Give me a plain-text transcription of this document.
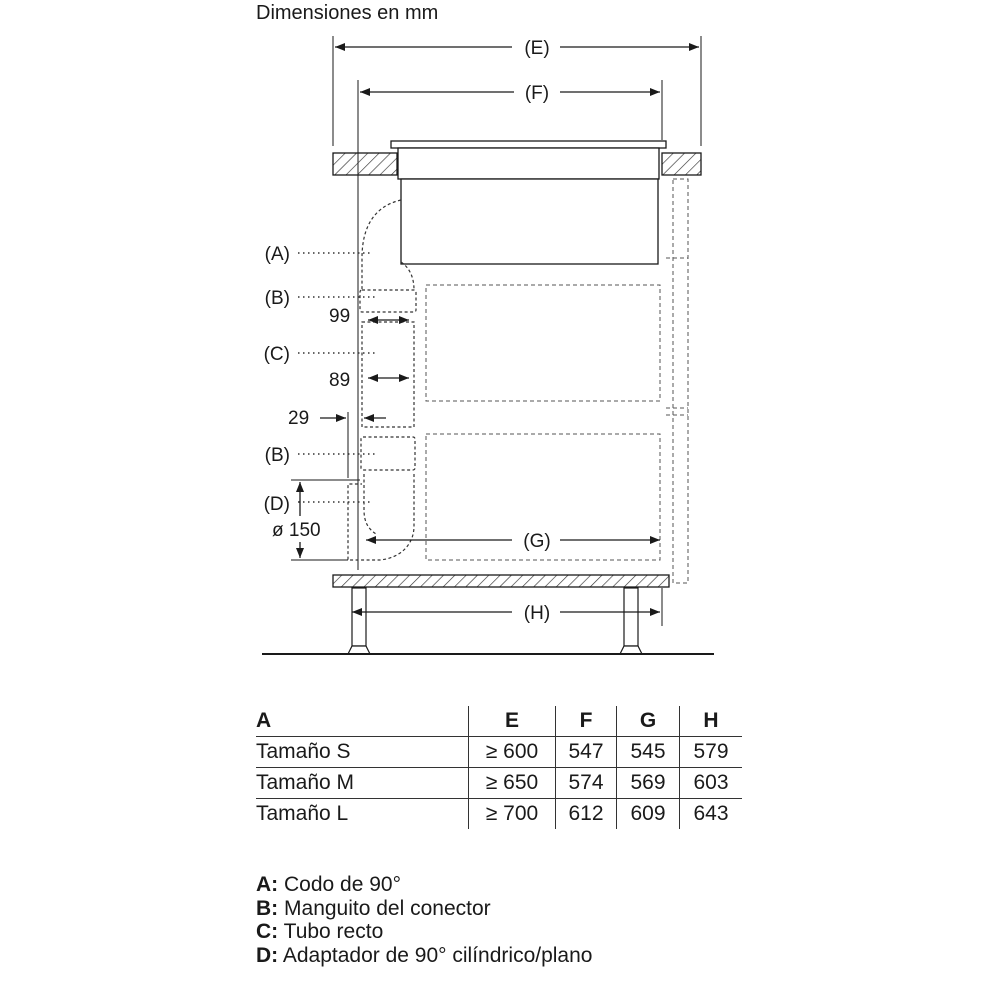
Dimensiones en mm
(E)
(F)
(A)
(B)
(C)
(B)
(D)
99
89
29
ø 150
(G)
(H)
A	E	F	G	H
Tamaño S	≥ 600	547	545	579
Tamaño M	≥ 650	574	569	603
Tamaño L	≥ 700	612	609	643
A: Codo de 90°
B: Manguito del conector
C: Tubo recto
D: Adaptador de 90° cilíndrico/plano
